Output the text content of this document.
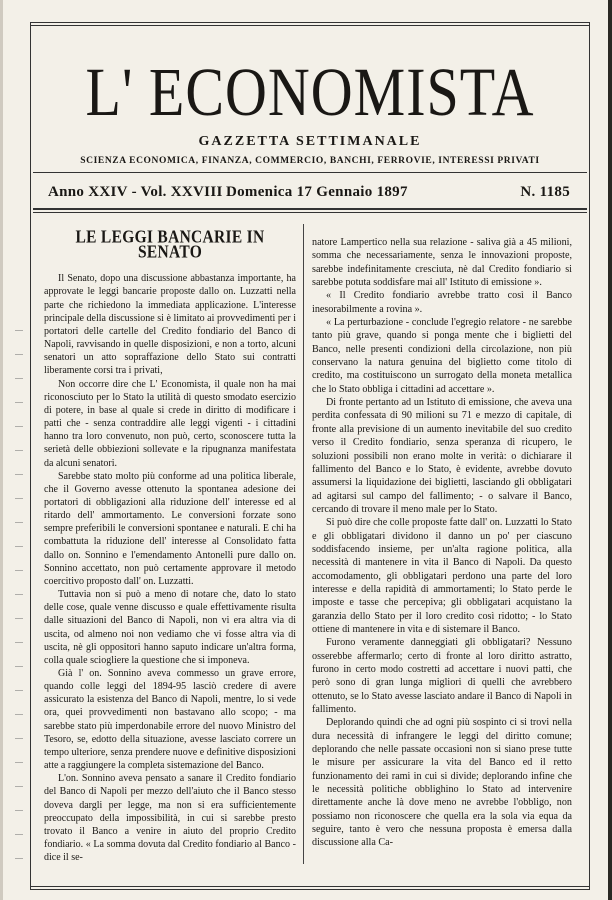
L' ECONOMISTA
GAZZETTA SETTIMANALE
SCIENZA ECONOMICA, FINANZA, COMMERCIO, BANCHI, FERROVIE, INTERESSI PRIVATI
Anno XXIV - Vol. XXVIII Domenica 17 Gennaio 1897	N. 1185

LE LEGGI BANCARIE IN SENATO

Il Senato, dopo una discussione abbastanza importante, ha approvate le leggi bancarie proposte dallo on. Luzzatti nella parte che richiedono la immediata applicazione. L'interesse principale della discussione si è limitato ai provvedimenti per i portatori delle cartelle del Credito fondiario del Banco di Napoli, ravvisando in quelle disposizioni, e non a torto, alcuni senatori un atto sopraffazione dello Stato sui contratti liberamente corsi tra i privati,

Non occorre dire che L' Economista, il quale non ha mai riconosciuto per lo Stato la utilità di questo smodato esercizio di potere, in base al quale si crede in diritto di modificare i patti che - senza contraddire alle leggi vigenti - i cittadini hanno tra loro convenuto, non può, certo, sconoscere tutta la serietà delle obbiezioni sollevate e la ripugnanza manifestata da alcuni senatori.

Sarebbe stato molto più conforme ad una politica liberale, che il Governo avesse ottenuto la spontanea adesione dei portatori di obbligazioni alla riduzione dell' interesse ed al ritardo dell' ammortamento. Le conversioni forzate sono sempre preferibili le conversioni spontanee e naturali. E chi ha combattuta la riduzione dell' interesse al Consolidato fatta dallo on. Sonnino e l'emendamento Antonelli pure dallo on. Sonnino accettato, non può certamente approvare il metodo coercitivo proposto dall' on. Luzzatti.

Tuttavia non si può a meno di notare che, dato lo stato delle cose, quale venne discusso e quale effettivamente risulta dalle situazioni del Banco di Napoli, non vi era altra via di uscita, od almeno noi non vediamo che vi fosse altra via di uscita, nè gli oppositori hanno saputo indicare un'altra forma, colla quale sciogliere la questione che si imponeva.

Già l' on. Sonnino aveva commesso un grave errore, quando colle leggi del 1894-95 lasciò credere di avere assicurato la esistenza del Banco di Napoli, mentre, lo si vede ora, quei provvedimenti non bastavano allo scopo; - ma sarebbe stato più imperdonabile errore del nuovo Ministro del Tesoro, se, edotto della situazione, avesse lasciato correre un tempo ulteriore, senza prendere nuove e definitive disposizioni atte a raggiungere la completa sistemazione del Banco.

L'on. Sonnino aveva pensato a sanare il Credito fondiario del Banco di Napoli per mezzo dell'aiuto che il Banco stesso doveva dargli per legge, ma non si era sufficientemente preoccupato della impossibilità, in cui si sarebbe presto trovato il Banco a venire in aiuto del proprio Credito fondiario. « La somma dovuta dal Credito fondiario al Banco - dice il se-

natore Lampertico nella sua relazione - saliva già a 45 milioni, somma che necessariamente, senza le innovazioni proposte, sarebbe indefinitamente cresciuta, nè dal Credito fondiario si sarebbe potuta soddisfare mai all' Istituto di emissione ».

« Il Credito fondiario avrebbe tratto così il Banco inesorabilmente a rovina ».

« La perturbazione - conclude l'egregio relatore - ne sarebbe tanto più grave, quando si ponga mente che i biglietti del Banco, nelle presenti condizioni della circolazione, non più conservano la natura genuina del biglietto come titolo di credito, ma costituiscono un surrogato della moneta metallica che lo Stato obbliga i cittadini ad accettare ».

Di fronte pertanto ad un Istituto di emissione, che aveva una perdita confessata di 90 milioni su 71 e mezzo di capitale, di fronte alla previsione di un aumento inevitabile del suo credito verso il Credito fondiario, senza speranza di ricupero, le soluzioni possibili non erano molte in verità: o dichiarare il fallimento del Banco e lo Stato, è evidente, avrebbe dovuto assumersi la liquidazione dei biglietti, lasciando gli obbligatari ad agitarsi sul campo del fallimento; - o salvare il Banco, cercando di trovare il meno male per lo Stato.

Si può dire che colle proposte fatte dall' on. Luzzatti lo Stato e gli obbligatari dividono il danno un po' per ciascuno soddisfacendo insieme, per un'alta ragione politica, alla necessità di mantenere in vita il Banco di Napoli. Da questo accomodamento, gli obbligatari perdono una parte del loro interesse e della rapidità di ammortamenti; lo Stato perde le imposte e tasse che percepiva; gli obbligatari acquistano la garanzia dello Stato per il loro credito così ridotto; - lo Stato ottiene di mantenere in vita e di sistemare il Banco.

Furono veramente danneggiati gli obbligatari? Nessuno osserebbe affermarlo; certo di fronte al loro diritto astratto, furono in certo modo costretti ad accettare i nuovi patti, che però sono di gran lunga migliori di quelli che avrebbero ottenuto, se lo Stato avesse lasciato andare il Banco di Napoli in fallimento.

Deplorando quindi che ad ogni più sospinto ci si trovi nella dura necessità di infrangere le leggi del diritto comune; deplorando che nelle passate occasioni non si siano prese tutte le misure per assicurare la vita del Banco ed il retto funzionamento dei rami in cui si divide; deplorando infine che le necessità politiche obblighino lo Stato ad intervenire direttamente anche là dove meno ne avrebbe l'obbligo, non possiamo non riconoscere che quella era la sola via equa da seguire, tanto è vero che nessuna proposta è emersa dalla discussione alla Ca-
